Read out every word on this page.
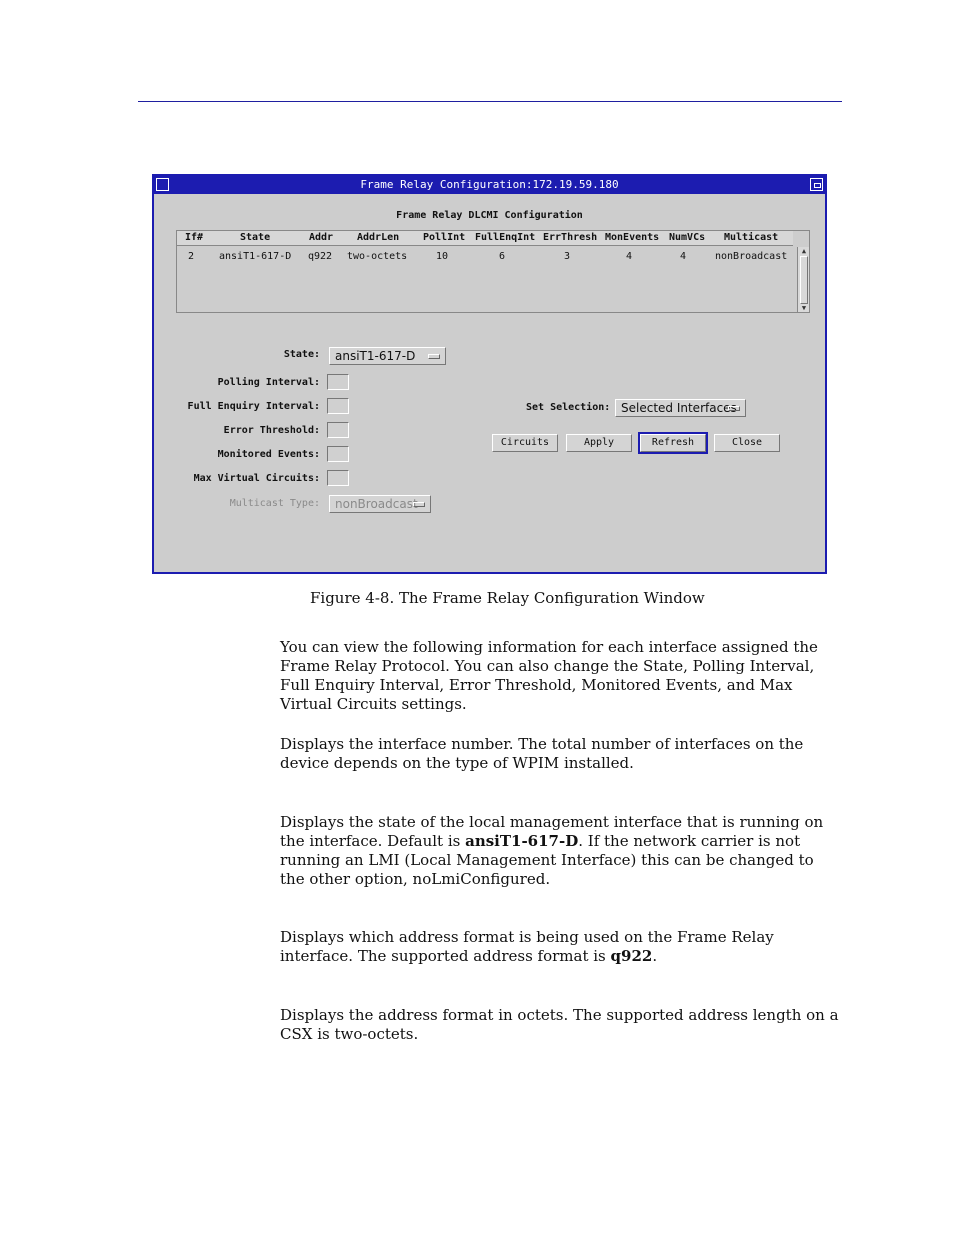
Frame Relay Configuration:172.19.59.180
Frame Relay DLCMI Configuration
If#	State	Addr AddrLen PollInt FullEnqInt ErrThresh MonEvents NumVCs Multicast
2 ansiT1-617-D q922 two-octets	10	6	3	4	4	nonBroadcast	▲
▼
State:	ansiT1-617-D
Polling Interval:
Full Enquiry Interval:
Error Threshold:
Monitored Events:
Max Virtual Circuits:
Multicast Type:	nonBroadcast
Set Selection: Selected Interfaces
Circuits	Apply	Refresh	Close
Figure 4-8. The Frame Relay Configuration Window
You can view the following information for each interface assigned the Frame Relay Protocol. You can also change the State, Polling Interval, Full Enquiry Interval, Error Threshold, Monitored Events, and Max Virtual Circuits settings.
Displays the interface number. The total number of interfaces on the device depends on the type of WPIM installed.
Displays the state of the local management interface that is running on the interface. Default is ansiT1-617-D. If the network carrier is not running an LMI (Local Management Interface) this can be changed to the other option, noLmiConfigured.
Displays which address format is being used on the Frame Relay interface. The supported address format is q922.
Displays the address format in octets. The supported address length on a CSX is two-octets.
